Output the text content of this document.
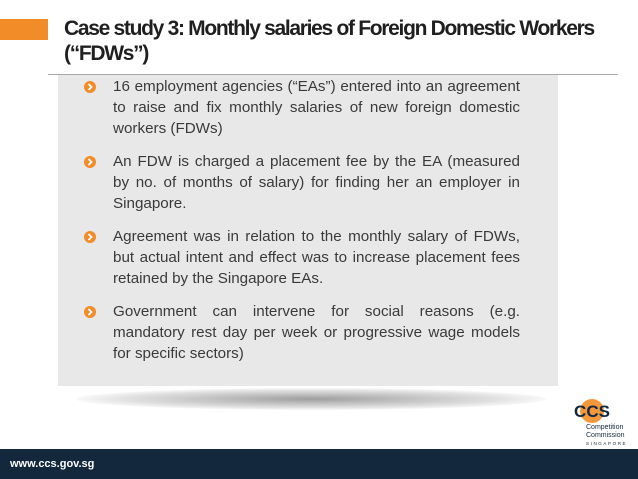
Case study 3: Monthly salaries of Foreign Domestic Workers
(“FDWs”)
16 employment agencies (“EAs”) entered into an agreement to raise and fix monthly salaries of new foreign domestic workers (FDWs)
An FDW is charged a placement fee by the EA (measured by no. of months of salary) for finding her an employer in Singapore.
Agreement was in relation to the monthly salary of FDWs, but actual intent and effect was to increase placement fees retained by the Singapore EAs.
Government can intervene for social reasons (e.g. mandatory rest day per week or progressive wage models for specific sectors)
CCS
Competition
Commission
SINGAPORE
www.ccs.gov.sg
